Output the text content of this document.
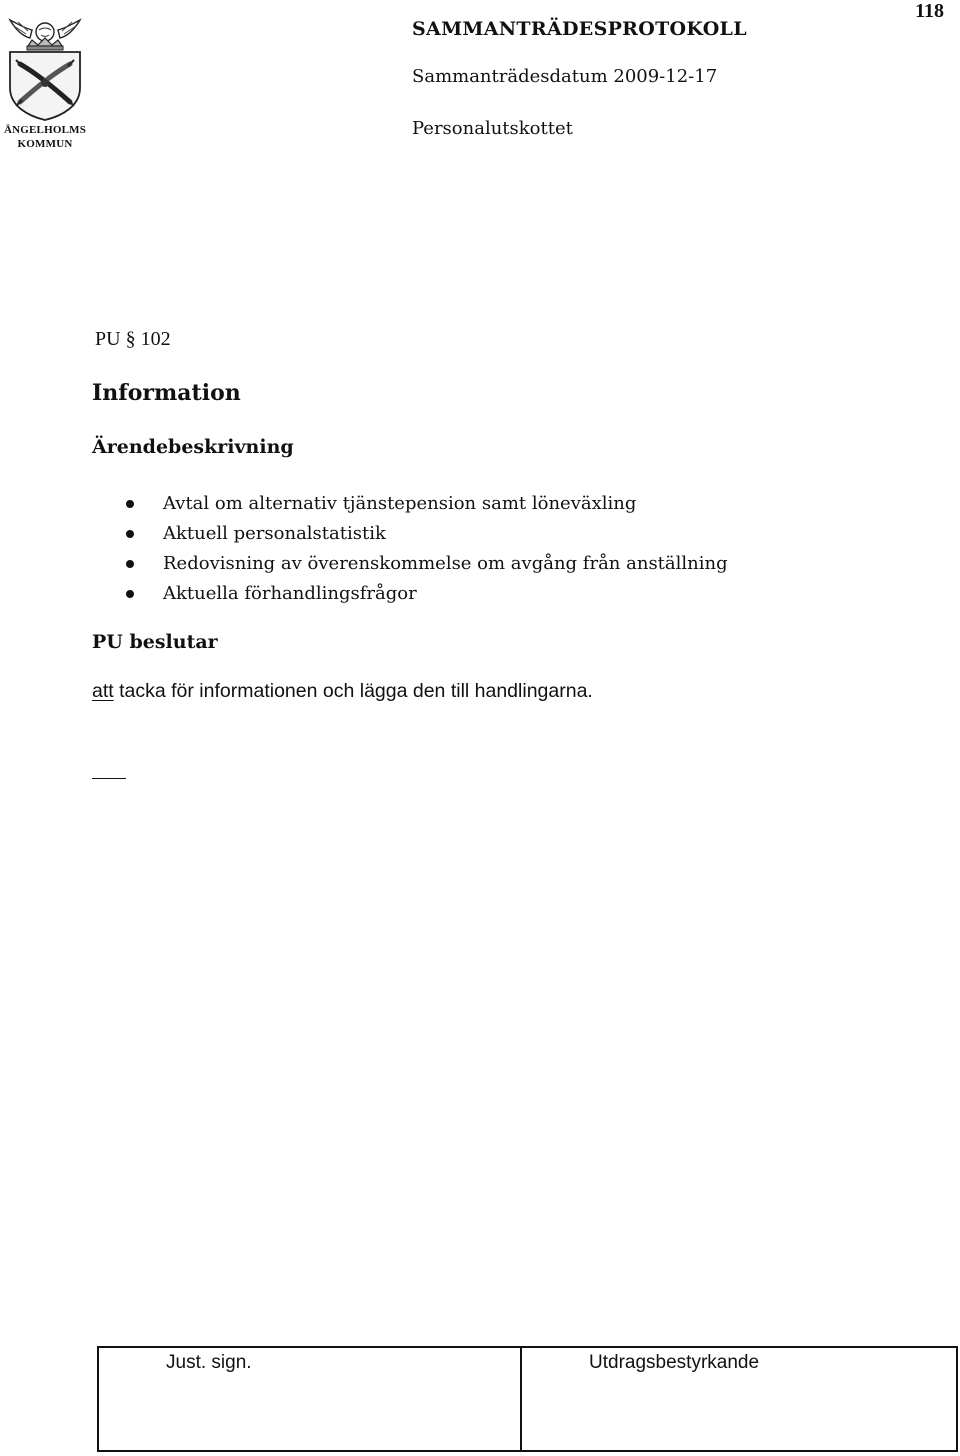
118
ÄNGELHOLMS
KOMMUN
SAMMANTRÄDESPROTOKOLL
Sammanträdesdatum 2009-12-17
Personalutskottet
PU § 102
Information
Ärendebeskrivning
Avtal om alternativ tjänstepension samt löneväxling
Aktuell personalstatistik
Redovisning av överenskommelse om avgång från anställning
Aktuella förhandlingsfrågor
PU beslutar
att tacka för informationen och lägga den till handlingarna.
Just. sign.	Utdragsbestyrkande
